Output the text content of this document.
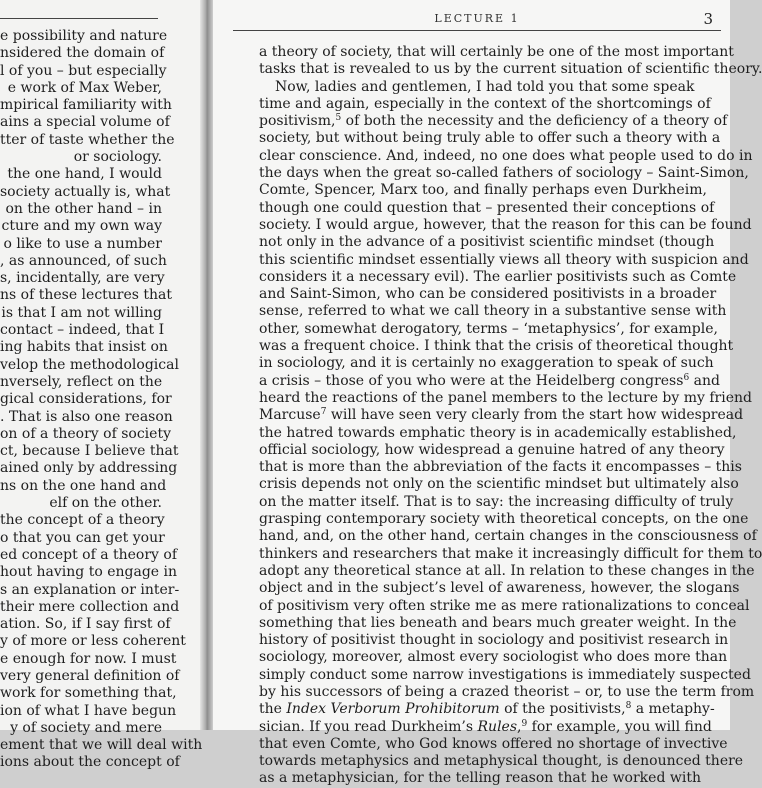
e possibility and nature
nsidered the domain of
l of you – but especially
e work of Max Weber,
mpirical familiarity with
ains a special volume of
tter of taste whether the
or sociology.
the one hand, I would
society actually is, what
on the other hand – in
cture and my own way
o like to use a number
, as announced, of such
s, incidentally, are very
ns of these lectures that
is that I am not willing
contact – indeed, that I
ing habits that insist on
velop the methodological
nversely, reflect on the
gical considerations, for
. That is also one reason
on of a theory of society
ct, because I believe that
ained only by addressing
ns on the one hand and
elf on the other.
the concept of a theory
o that you can get your
ed concept of a theory of
hout having to engage in
s an explanation or inter-
their mere collection and
ation. So, if I say first of
y of more or less coherent
e enough for now. I must
very general definition of
work for something that,
ion of what I have begun
y of society and mere
ement that we will deal with
ions about the concept of
LECTURE 1	3
a theory of society, that will certainly be one of the most important
tasks that is revealed to us by the current situation of scientific theory.
Now, ladies and gentlemen, I had told you that some speak
time and again, especially in the context of the shortcomings of
positivism,$^5$ of both the necessity and the deficiency of a theory of
society, but without being truly able to offer such a theory with a
clear conscience. And, indeed, no one does what people used to do in
the days when the great so-called fathers of sociology – Saint-Simon,
Comte, Spencer, Marx too, and finally perhaps even Durkheim,
though one could question that – presented their conceptions of
society. I would argue, however, that the reason for this can be found
not only in the advance of a positivist scientific mindset (though
this scientific mindset essentially views all theory with suspicion and
considers it a necessary evil). The earlier positivists such as Comte
and Saint-Simon, who can be considered positivists in a broader
sense, referred to what we call theory in a substantive sense with
other, somewhat derogatory, terms – ‘metaphysics’, for example,
was a frequent choice. I think that the crisis of theoretical thought
in sociology, and it is certainly no exaggeration to speak of such
a crisis – those of you who were at the Heidelberg congress$^6$ and
heard the reactions of the panel members to the lecture by my friend
Marcuse$^7$ will have seen very clearly from the start how widespread
the hatred towards emphatic theory is in academically established,
official sociology, how widespread a genuine hatred of any theory
that is more than the abbreviation of the facts it encompasses – this
crisis depends not only on the scientific mindset but ultimately also
on the matter itself. That is to say: the increasing difficulty of truly
grasping contemporary society with theoretical concepts, on the one
hand, and, on the other hand, certain changes in the consciousness of
thinkers and researchers that make it increasingly difficult for them to
adopt any theoretical stance at all. In relation to these changes in the
object and in the subject’s level of awareness, however, the slogans
of positivism very often strike me as mere rationalizations to conceal
something that lies beneath and bears much greater weight. In the
history of positivist thought in sociology and positivist research in
sociology, moreover, almost every sociologist who does more than
simply conduct some narrow investigations is immediately suspected
by his successors of being a crazed theorist – or, to use the term from
the Index Verborum Prohibitorum of the positivists,$^8$ a metaphy-
sician. If you read Durkheim’s Rules,$^9$ for example, you will find
that even Comte, who God knows offered no shortage of invective
towards metaphysics and metaphysical thought, is denounced there
as a metaphysician, for the telling reason that he worked with
